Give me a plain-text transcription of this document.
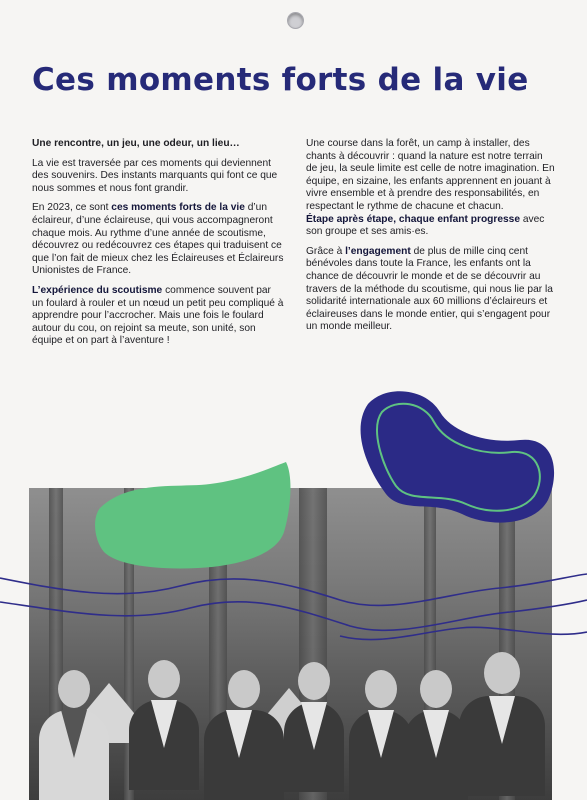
Ces moments forts de la vie

Une rencontre, un jeu, une odeur, un lieu…

La vie est traversée par ces moments qui deviennent des souvenirs. Des instants marquants qui font ce que nous sommes et nous font grandir.

En 2023, ce sont ces moments forts de la vie d’un éclaireur, d’une éclaireuse, qui vous accompagneront chaque mois. Au rythme d’une année de scoutisme, découvrez ou redécouvrez ces étapes qui traduisent ce que l’on fait de mieux chez les Éclaireuses et Éclaireurs Unionistes de France.

L’expérience du scoutisme commence souvent par un foulard à rouler et un nœud un petit peu compliqué à apprendre pour l’accrocher. Mais une fois le foulard autour du cou, on rejoint sa meute, son unité, son équipe et on part à l’aventure !

Une course dans la forêt, un camp à installer, des chants à découvrir : quand la nature est notre terrain de jeu, la seule limite est celle de notre imagination. En équipe, en sizaine, les enfants apprennent en jouant à vivre ensemble et à prendre des responsabilités, en respectant le rythme de chacune et chacun.

Étape après étape, chaque enfant progresse avec son groupe et ses amis·es.

Grâce à l’engagement de plus de mille cinq cent bénévoles dans toute la France, les enfants ont la chance de découvrir le monde et de se découvrir au travers de la méthode du scoutisme, qui nous lie par la solidarité internationale aux 60 millions d’éclaireurs et éclaireuses dans le monde entier, qui s’engagent pour un monde meilleur.
